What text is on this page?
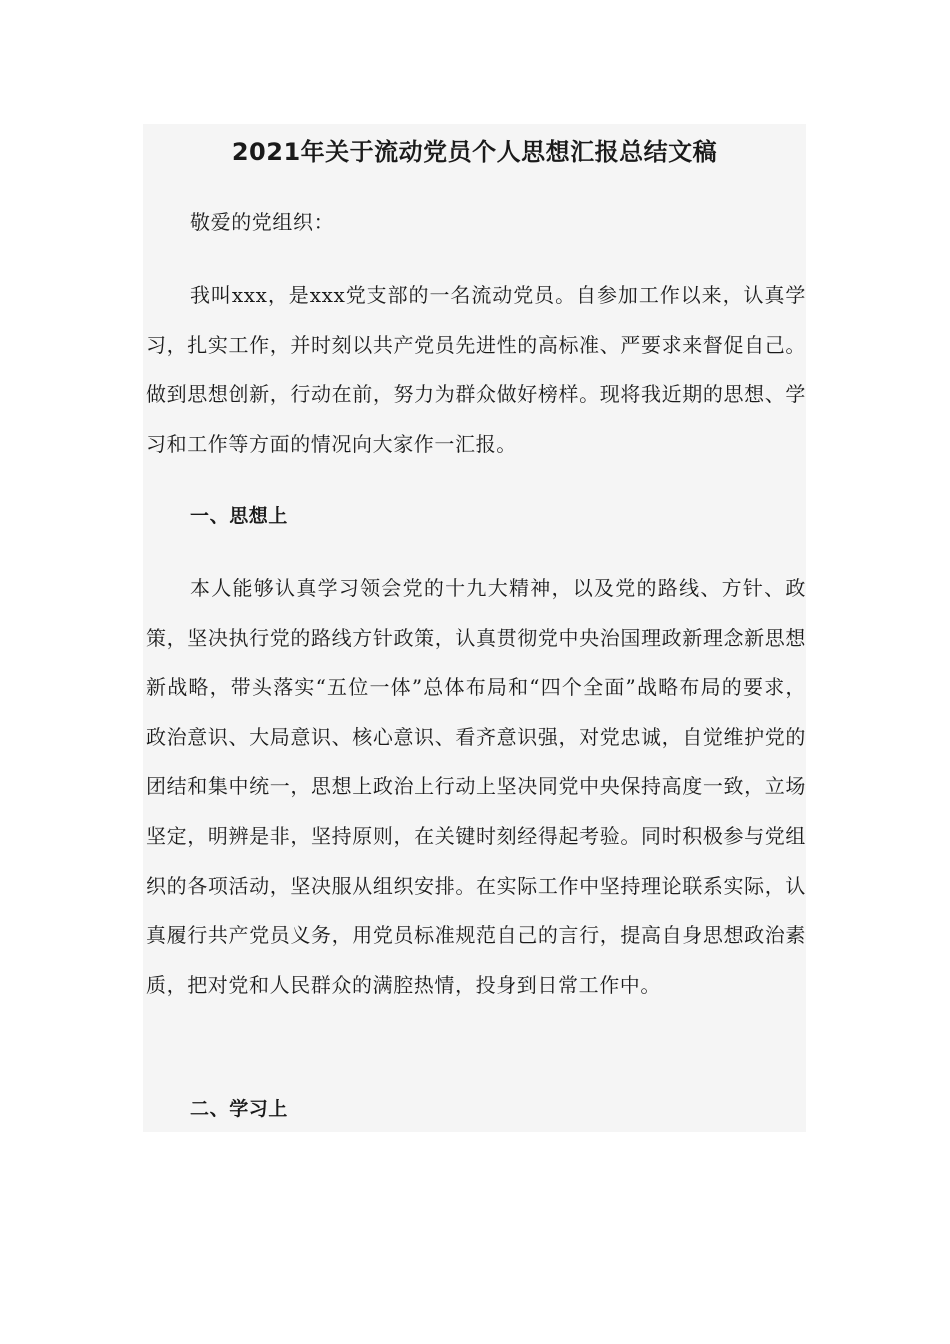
2021年关于流动党员个人思想汇报总结文稿

敬爱的党组织：

我叫xxx，是xxx党支部的一名流动党员。自参加工作以来，认真学习，扎实工作，并时刻以共产党员先进性的高标准、严要求来督促自己。做到思想创新，行动在前，努力为群众做好榜样。现将我近期的思想、学习和工作等方面的情况向大家作一汇报。

一、思想上

本人能够认真学习领会党的十九大精神，以及党的路线、方针、政策，坚决执行党的路线方针政策，认真贯彻党中央治国理政新理念新思想新战略，带头落实“五位一体”总体布局和“四个全面”战略布局的要求，政治意识、大局意识、核心意识、看齐意识强，对党忠诚，自觉维护党的团结和集中统一，思想上政治上行动上坚决同党中央保持高度一致，立场坚定，明辨是非，坚持原则，在关键时刻经得起考验。同时积极参与党组织的各项活动，坚决服从组织安排。在实际工作中坚持理论联系实际，认真履行共产党员义务，用党员标准规范自己的言行，提高自身思想政治素质，把对党和人民群众的满腔热情，投身到日常工作中。

二、学习上
